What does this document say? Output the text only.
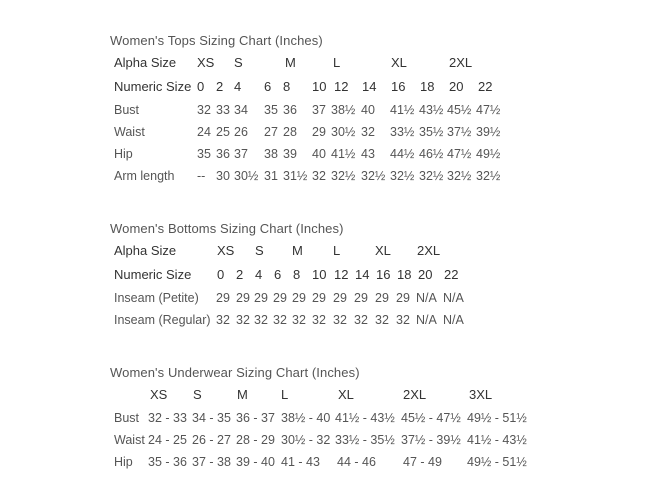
Women's Tops Sizing Chart (Inches)
Alpha Size XS S	M	L	XL	2XL
Numeric Size 0 2 4 6 8 10 12 14 16 18 20 22
Bust	32 33 34 35 36 37 38½ 40 41½ 43½ 45½ 47½
Waist	24 25 26 27 28 29 30½ 32 33½ 35½ 37½ 39½
Hip	35 36 37 38 39 40 41½ 43 44½ 46½ 47½ 49½
Arm length -- 30 30½ 31 31½ 32 32½ 32½ 32½ 32½ 32½ 32½
Women's Bottoms Sizing Chart (Inches)
Alpha Size	XS S M L	XL 2XL
Numeric Size 0 2 4 6 8 10 12 14 16 18 20 22
Inseam (Petite) 29 29 29 29 29 29 29 29 29 29 N/A N/A
Inseam (Regular) 32 32 32 32 32 32 32 32 32 32 N/A N/A
Women's Underwear Sizing Chart (Inches)
XS S	M	L	XL	2XL	3XL
Bust 32 - 33 34 - 35 36 - 37 38½ - 40 41½ - 43½ 45½ - 47½ 49½ - 51½
Waist 24 - 25 26 - 27 28 - 29 30½ - 32 33½ - 35½ 37½ - 39½ 41½ - 43½
Hip 35 - 36 37 - 38 39 - 40 41 - 43 44 - 46 47 - 49 49½ - 51½
